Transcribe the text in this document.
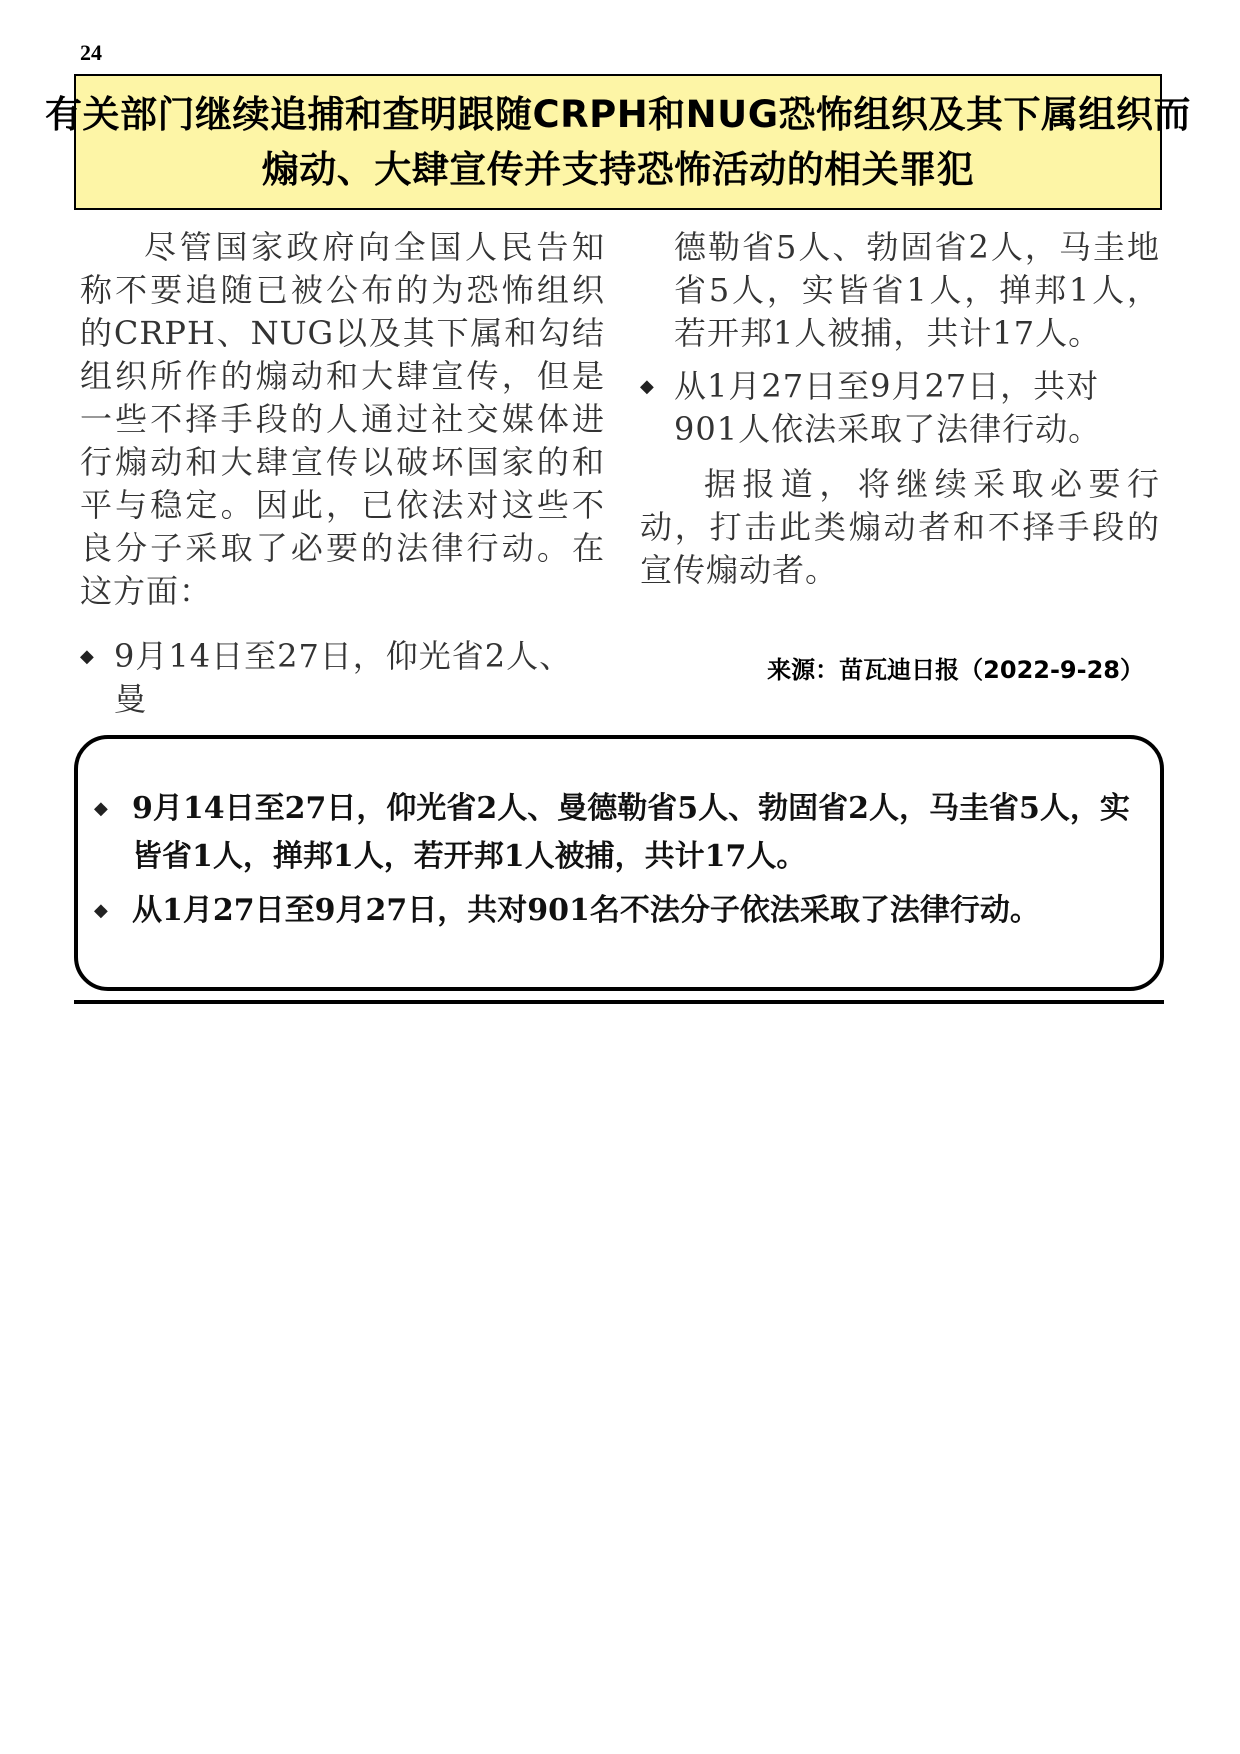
24
有关部门继续追捕和查明跟随CRPH和NUG恐怖组织及其下属组织而
煽动、大肆宣传并支持恐怖活动的相关罪犯

尽管国家政府向全国人民告知称不要追随已被公布的为恐怖组织的CRPH、NUG以及其下属和勾结组织所作的煽动和大肆宣传，但是一些不择手段的人通过社交媒体进行煽动和大肆宣传以破坏国家的和平与稳定。因此，已依法对这些不良分子采取了必要的法律行动。在这方面：

◆ 9月14日至27日，仰光省2人、曼

德勒省5人、勃固省2人，马圭地省5人，实皆省1人，掸邦1人，若开邦1人被捕，共计17人。

◆ 从1月27日至9月27日，共对901人依法采取了法律行动。

据报道，将继续采取必要行动，打击此类煽动者和不择手段的宣传煽动者。

来源：苗瓦迪日报（2022-9-28）
◆ 9月14日至27日，仰光省2人、曼德勒省5人、勃固省2人，马圭省5人，实皆省1人，掸邦1人，若开邦1人被捕，共计17人。
◆ 从1月27日至9月27日，共对901名不法分子依法采取了法律行动。
